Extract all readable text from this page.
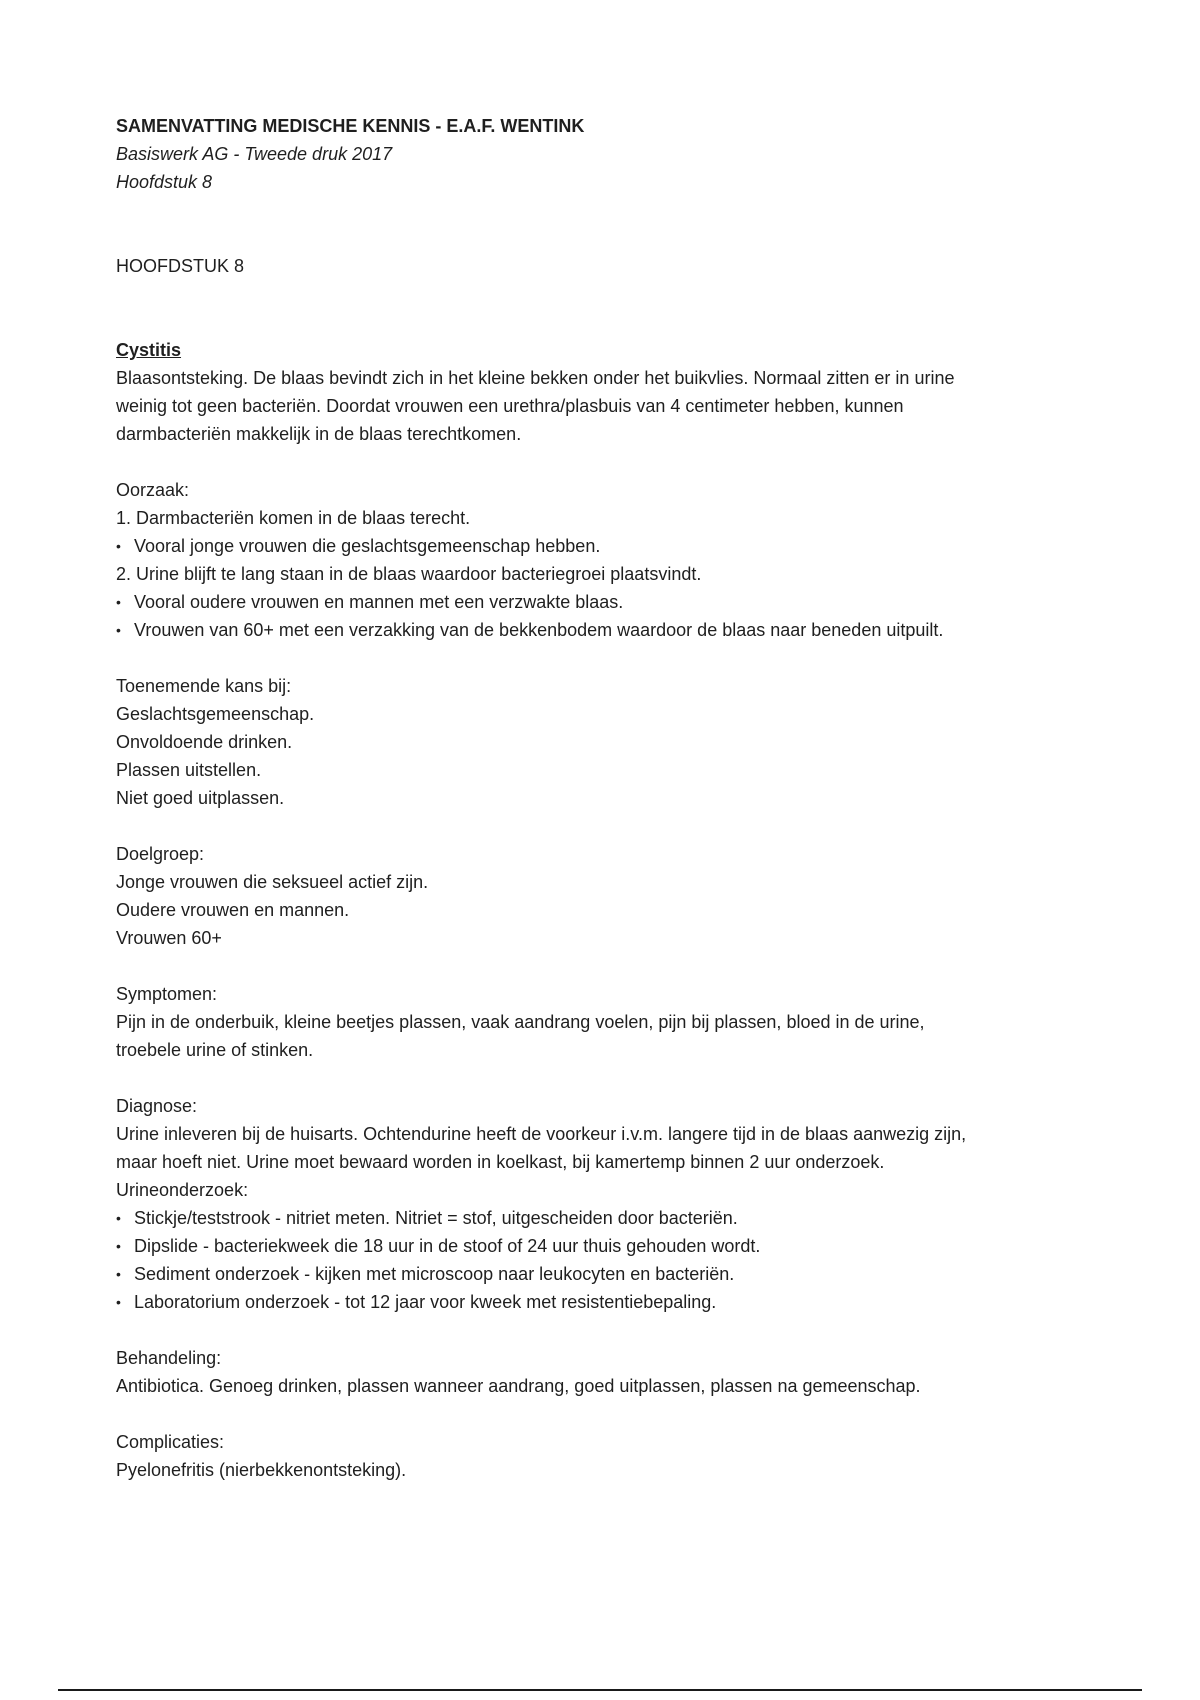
SAMENVATTING MEDISCHE KENNIS - E.A.F. WENTINK
Basiswerk AG - Tweede druk 2017
Hoofdstuk 8
HOOFDSTUK 8
Cystitis
Blaasontsteking. De blaas bevindt zich in het kleine bekken onder het buikvlies. Normaal zitten er in urine
weinig tot geen bacteriën. Doordat vrouwen een urethra/plasbuis van 4 centimeter hebben, kunnen
darmbacteriën makkelijk in de blaas terechtkomen.
Oorzaak:
1. Darmbacteriën komen in de blaas terecht.
• Vooral jonge vrouwen die geslachtsgemeenschap hebben.
2. Urine blijft te lang staan in de blaas waardoor bacteriegroei plaatsvindt.
• Vooral oudere vrouwen en mannen met een verzwakte blaas.
• Vrouwen van 60+ met een verzakking van de bekkenbodem waardoor de blaas naar beneden uitpuilt.
Toenemende kans bij:
Geslachtsgemeenschap.
Onvoldoende drinken.
Plassen uitstellen.
Niet goed uitplassen.
Doelgroep:
Jonge vrouwen die seksueel actief zijn.
Oudere vrouwen en mannen.
Vrouwen 60+
Symptomen:
Pijn in de onderbuik, kleine beetjes plassen, vaak aandrang voelen, pijn bij plassen, bloed in de urine,
troebele urine of stinken.
Diagnose:
Urine inleveren bij de huisarts. Ochtendurine heeft de voorkeur i.v.m. langere tijd in de blaas aanwezig zijn,
maar hoeft niet. Urine moet bewaard worden in koelkast, bij kamertemp binnen 2 uur onderzoek.
Urineonderzoek:
• Stickje/teststrook - nitriet meten. Nitriet = stof, uitgescheiden door bacteriën.
• Dipslide - bacteriekweek die 18 uur in de stoof of 24 uur thuis gehouden wordt.
• Sediment onderzoek - kijken met microscoop naar leukocyten en bacteriën.
• Laboratorium onderzoek - tot 12 jaar voor kweek met resistentiebepaling.
Behandeling:
Antibiotica. Genoeg drinken, plassen wanneer aandrang, goed uitplassen, plassen na gemeenschap.
Complicaties:
Pyelonefritis (nierbekkenontsteking).
